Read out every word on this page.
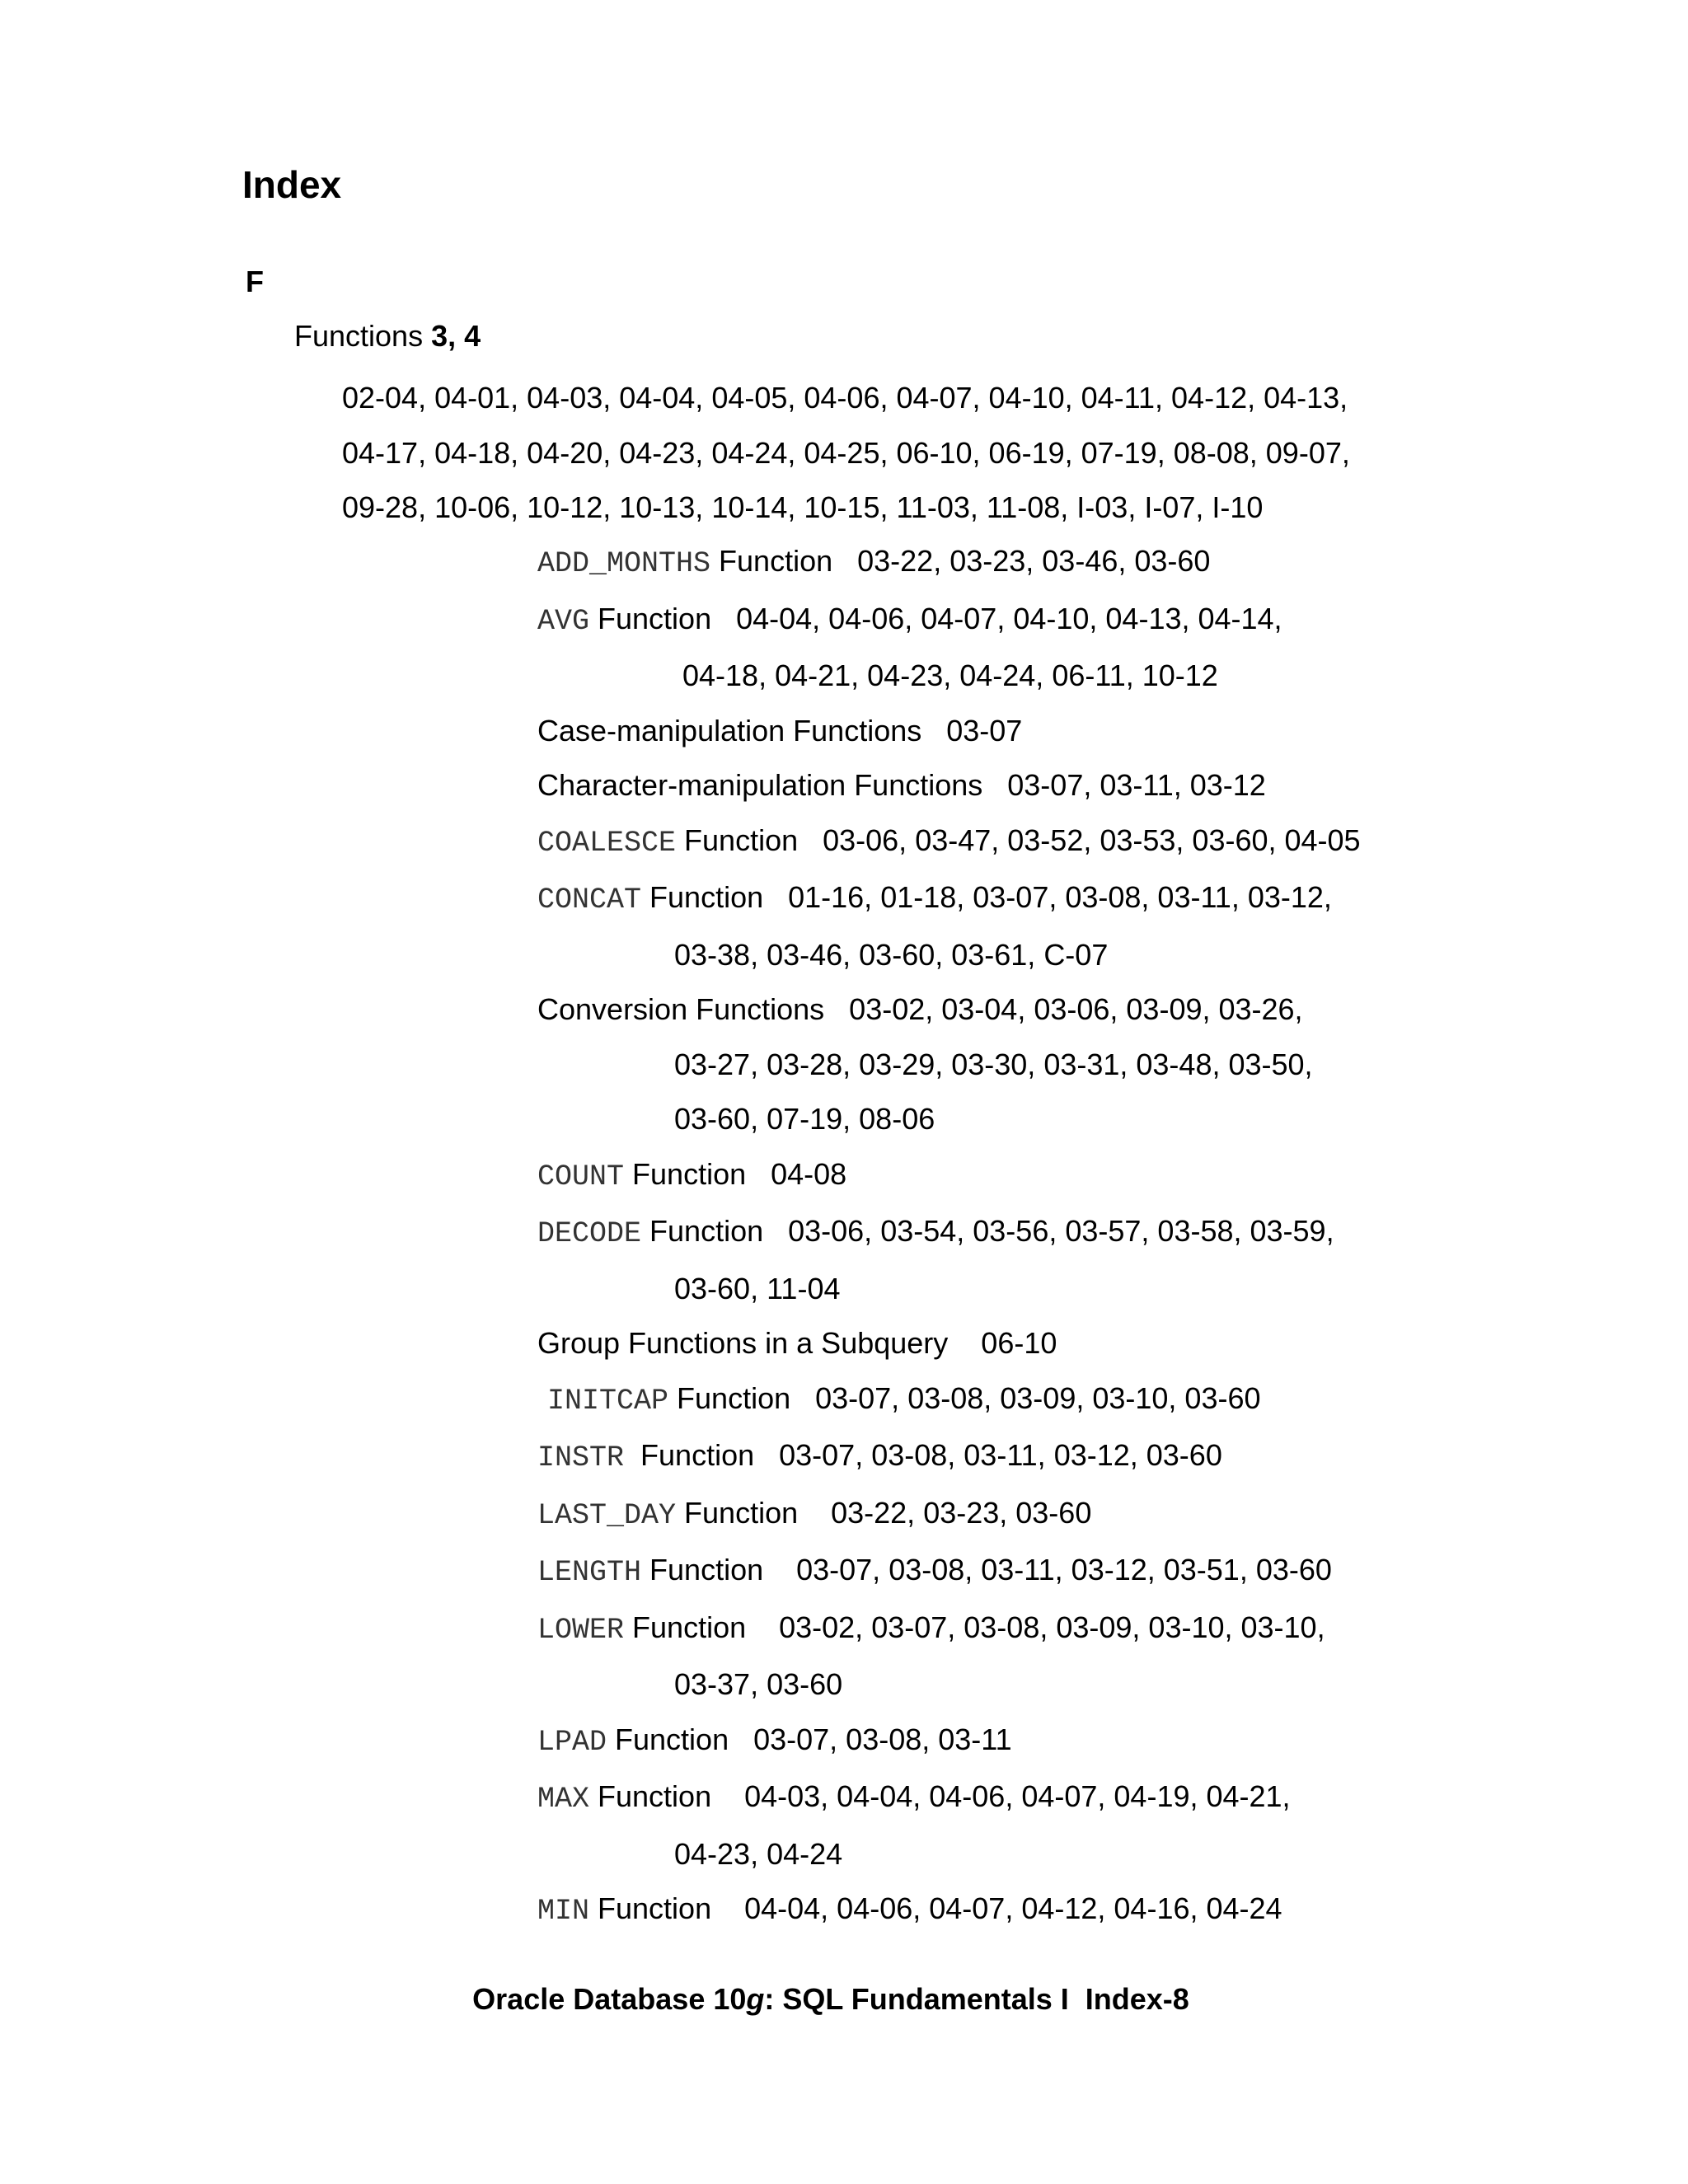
Index
F
Functions 3, 4
02-04, 04-01, 04-03, 04-04, 04-05, 04-06, 04-07, 04-10, 04-11, 04-12, 04-13,
04-17, 04-18, 04-20, 04-23, 04-24, 04-25, 06-10, 06-19, 07-19, 08-08, 09-07,
09-28, 10-06, 10-12, 10-13, 10-14, 10-15, 11-03, 11-08, I-03, I-07, I-10
ADD_MONTHS Function 03-22, 03-23, 03-46, 03-60
AVG Function 04-04, 04-06, 04-07, 04-10, 04-13, 04-14,
04-18, 04-21, 04-23, 04-24, 06-11, 10-12
Case-manipulation Functions 03-07
Character-manipulation Functions 03-07, 03-11, 03-12
COALESCE Function 03-06, 03-47, 03-52, 03-53, 03-60, 04-05
CONCAT Function 01-16, 01-18, 03-07, 03-08, 03-11, 03-12,
03-38, 03-46, 03-60, 03-61, C-07
Conversion Functions 03-02, 03-04, 03-06, 03-09, 03-26,
03-27, 03-28, 03-29, 03-30, 03-31, 03-48, 03-50,
03-60, 07-19, 08-06
COUNT Function 04-08
DECODE Function 03-06, 03-54, 03-56, 03-57, 03-58, 03-59,
03-60, 11-04
Group Functions in a Subquery 06-10
INITCAP Function 03-07, 03-08, 03-09, 03-10, 03-60
INSTR  Function 03-07, 03-08, 03-11, 03-12, 03-60
LAST_DAY Function 03-22, 03-23, 03-60
LENGTH Function 03-07, 03-08, 03-11, 03-12, 03-51, 03-60
LOWER Function 03-02, 03-07, 03-08, 03-09, 03-10, 03-10,
03-37, 03-60
LPAD Function 03-07, 03-08, 03-11
MAX Function 04-03, 04-04, 04-06, 04-07, 04-19, 04-21,
04-23, 04-24
MIN Function 04-04, 04-06, 04-07, 04-12, 04-16, 04-24
Oracle Database 10g: SQL Fundamentals I  Index-8
